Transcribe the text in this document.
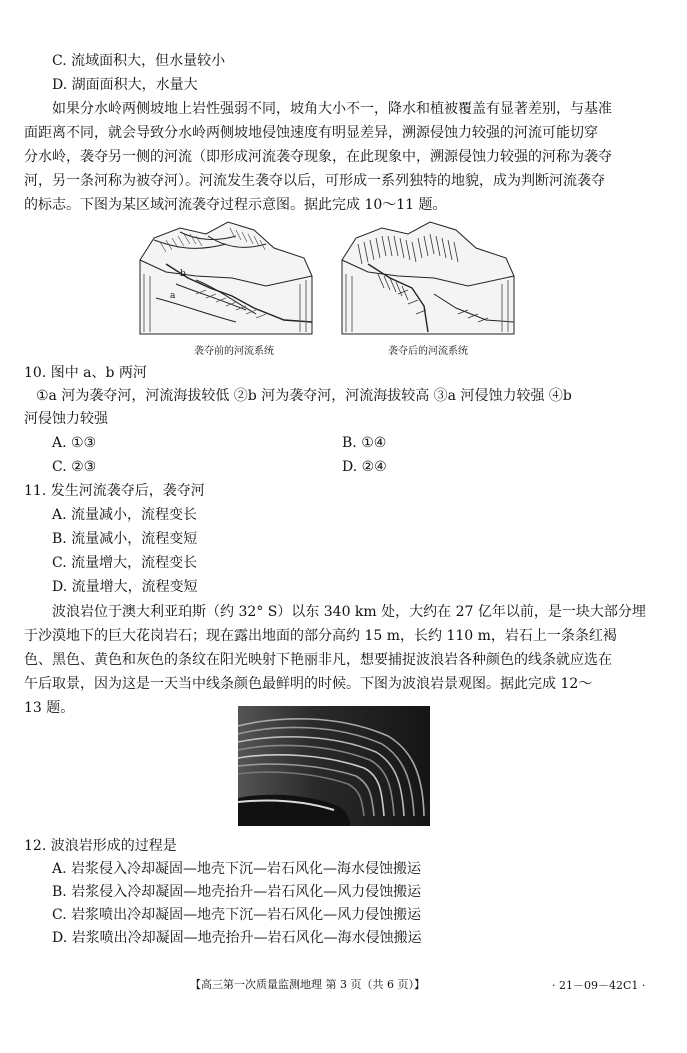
C. 流域面积大，但水量较小
D. 湖面面积大，水量大
如果分水岭两侧坡地上岩性强弱不同，坡角大小不一，降水和植被覆盖有显著差别，与基准
面距离不同，就会导致分水岭两侧坡地侵蚀速度有明显差异，溯源侵蚀力较强的河流可能切穿
分水岭，袭夺另一侧的河流（即形成河流袭夺现象，在此现象中，溯源侵蚀力较强的河称为袭夺
河，另一条河称为被夺河）。河流发生袭夺以后，可形成一系列独特的地貌，成为判断河流袭夺
的标志。下图为某区域河流袭夺过程示意图。据此完成 10～11 题。
b
a
袭夺前的河流系统	袭夺后的河流系统
10. 图中 a、b 两河
①a 河为袭夺河，河流海拔较低 ②b 河为袭夺河，河流海拔较高 ③a 河侵蚀力较强 ④b
河侵蚀力较强
A. ①③	B. ①④
C. ②③	D. ②④
11. 发生河流袭夺后，袭夺河
A. 流量减小，流程变长
B. 流量减小，流程变短
C. 流量增大，流程变长
D. 流量增大，流程变短
波浪岩位于澳大利亚珀斯（约 32° S）以东 340 km 处，大约在 27 亿年以前，是一块大部分埋
于沙漠地下的巨大花岗岩石；现在露出地面的部分高约 15 m，长约 110 m，岩石上一条条红褐
色、黑色、黄色和灰色的条纹在阳光映射下艳丽非凡，想要捕捉波浪岩各种颜色的线条就应选在
午后取景，因为这是一天当中线条颜色最鲜明的时候。下图为波浪岩景观图。据此完成 12～
13 题。
12. 波浪岩形成的过程是
A. 岩浆侵入冷却凝固—地壳下沉—岩石风化—海水侵蚀搬运
B. 岩浆侵入冷却凝固—地壳抬升—岩石风化—风力侵蚀搬运
C. 岩浆喷出冷却凝固—地壳下沉—岩石风化—风力侵蚀搬运
D. 岩浆喷出冷却凝固—地壳抬升—岩石风化—海水侵蚀搬运
【高三第一次质量监测地理 第 3 页（共 6 页）】	· 21－09－42C1 ·
